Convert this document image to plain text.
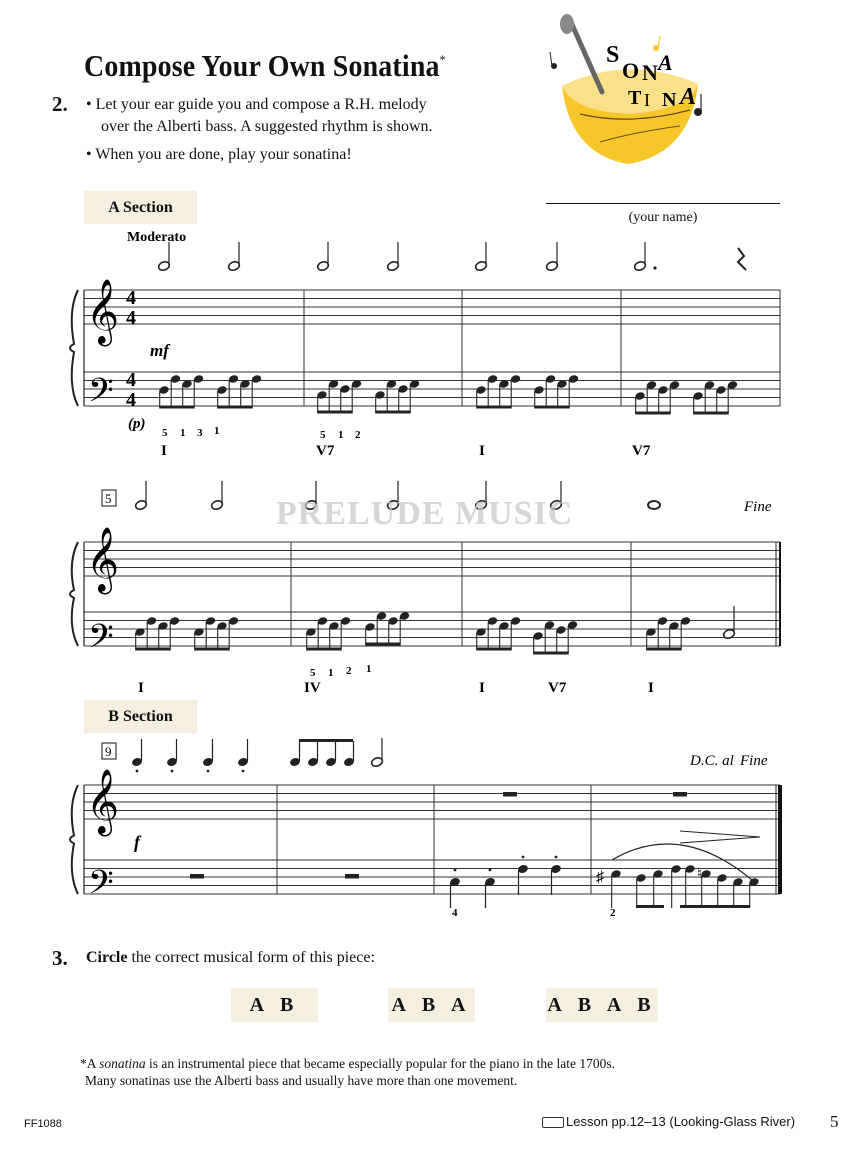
Compose Your Own Sonatina*
2. • Let your ear guide you and compose a R.H. melody
over the Alberti bass. A suggested rhythm is shown.
• When you are done, play your sonatina!
S
O N A
T I N A
(your name)
A Section
B Section
♯	♮
𝄞
𝄢
𝄞
𝄢
𝄞
𝄢
4
4
4
4
Moderato
mf
(p)
Fine
D.C. al Fine
f
5
9
I	V7	I	V7
I	IV	I	V7	I
5 1 3 1	5 1 2
5 1 2 1
4	2
PRELUDE MUSIC
3. Circle the correct musical form of this piece:
A B	A B A	A B A B
*A sonatina is an instrumental piece that became especially popular for the piano in the late 1700s.
Many sonatinas use the Alberti bass and usually have more than one movement.
FF1088	Lesson pp.12–13 (Looking-Glass River) 5
